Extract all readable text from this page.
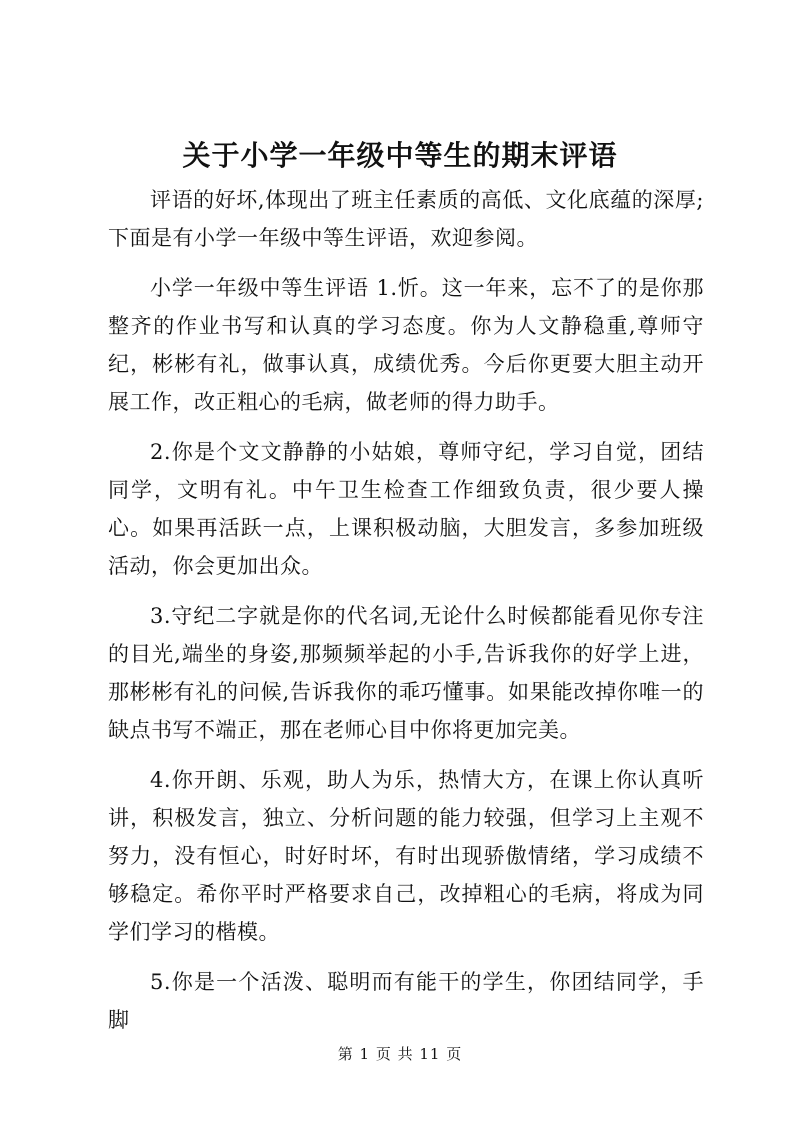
关于小学一年级中等生的期末评语

评语的好坏,体现出了班主任素质的高低、文化底蕴的深厚;下面是有小学一年级中等生评语，欢迎参阅。

小学一年级中等生评语 1.忻。这一年来，忘不了的是你那整齐的作业书写和认真的学习态度。你为人文静稳重,尊师守纪，彬彬有礼，做事认真，成绩优秀。今后你更要大胆主动开展工作，改正粗心的毛病，做老师的得力助手。

2.你是个文文静静的小姑娘，尊师守纪，学习自觉，团结同学，文明有礼。中午卫生检查工作细致负责，很少要人操心。如果再活跃一点，上课积极动脑，大胆发言，多参加班级活动，你会更加出众。

3.守纪二字就是你的代名词,无论什么时候都能看见你专注的目光,端坐的身姿,那频频举起的小手,告诉我你的好学上进，那彬彬有礼的问候,告诉我你的乖巧懂事。如果能改掉你唯一的缺点书写不端正，那在老师心目中你将更加完美。

4.你开朗、乐观，助人为乐，热情大方，在课上你认真听讲，积极发言，独立、分析问题的能力较强，但学习上主观不努力，没有恒心，时好时坏，有时出现骄傲情绪，学习成绩不够稳定。希你平时严格要求自己，改掉粗心的毛病，将成为同学们学习的楷模。

5.你是一个活泼、聪明而有能干的学生，你团结同学，手脚

第 1 页 共 11 页
